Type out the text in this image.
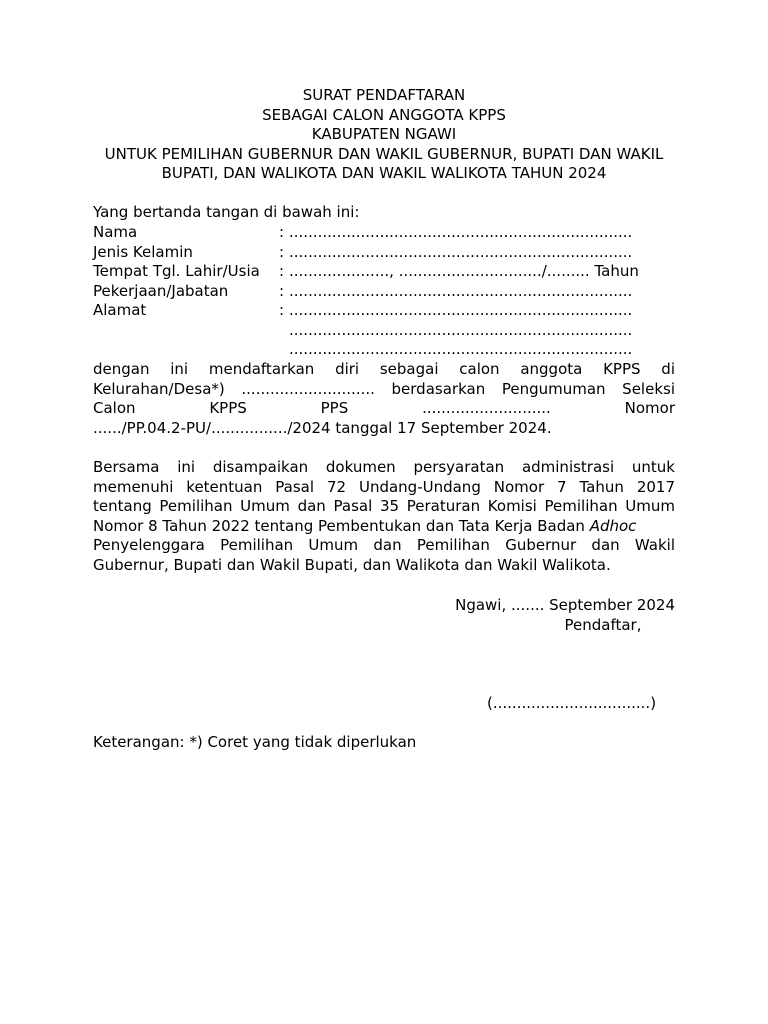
SURAT PENDAFTARAN
SEBAGAI CALON ANGGOTA KPPS
KABUPATEN NGAWI
UNTUK PEMILIHAN GUBERNUR DAN WAKIL GUBERNUR, BUPATI DAN WAKIL
BUPATI, DAN WALIKOTA DAN WAKIL WALIKOTA TAHUN 2024
Yang bertanda tangan di bawah ini:
Nama	: ........................................................................
Jenis Kelamin	: ........................................................................
Tempat Tgl. Lahir/Usia	: ....................., ............................../......... Tahun
Pekerjaan/Jabatan	: ........................................................................
Alamat	: ........................................................................
........................................................................
........................................................................
dengan ini mendaftarkan diri sebagai calon anggota KPPS di
Kelurahan/Desa*) ............................ berdasarkan Pengumuman Seleksi
Calon KPPS PPS ........................... Nomor
....../PP.04.2-PU/................/2024 tanggal 17 September 2024.
Bersama ini disampaikan dokumen persyaratan administrasi untuk
memenuhi ketentuan Pasal 72 Undang-Undang Nomor 7 Tahun 2017
tentang Pemilihan Umum dan Pasal 35 Peraturan Komisi Pemilihan Umum
Nomor 8 Tahun 2022 tentang Pembentukan dan Tata Kerja Badan Adhoc
Penyelenggara Pemilihan Umum dan Pemilihan Gubernur dan Wakil
Gubernur, Bupati dan Wakil Bupati, dan Walikota dan Wakil Walikota.
Ngawi, ....... September 2024
Pendaftar,
(.................................)
Keterangan: *) Coret yang tidak diperlukan
